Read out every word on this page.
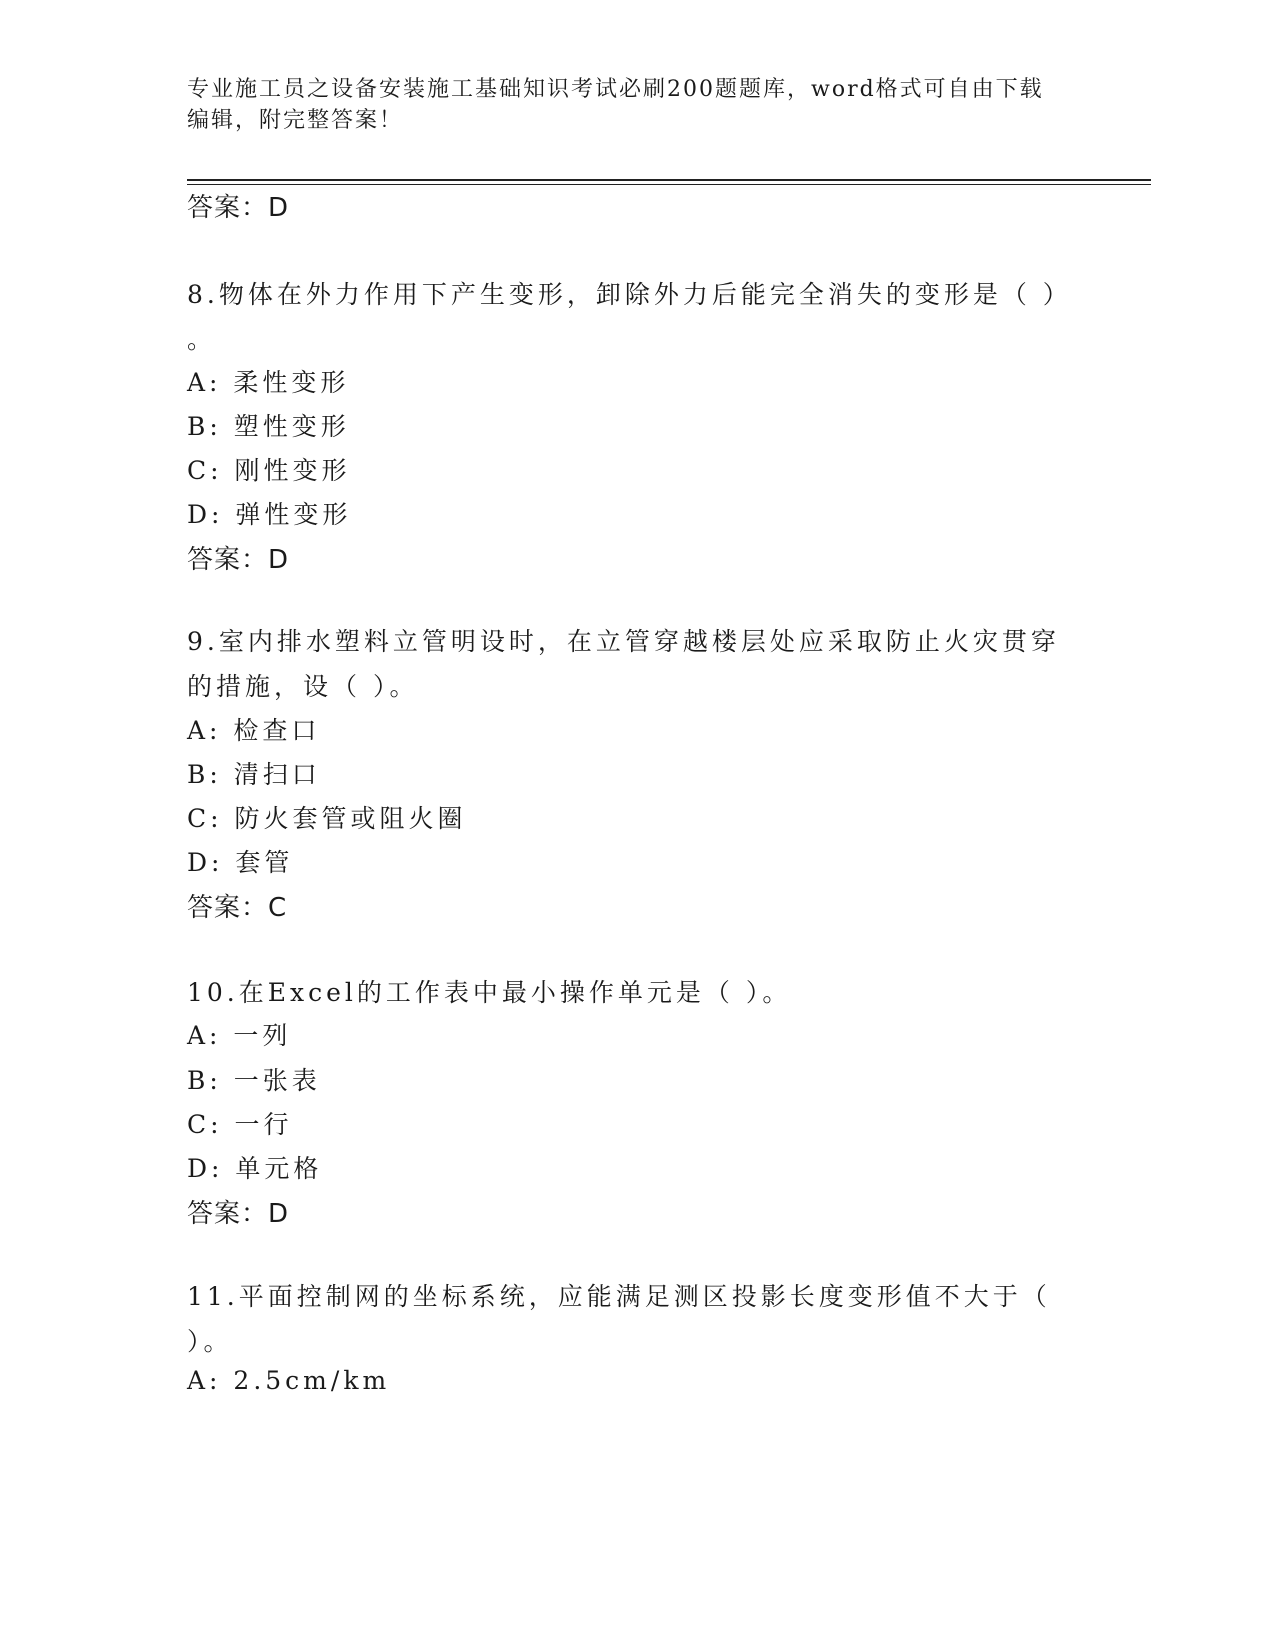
专业施工员之设备安装施工基础知识考试必刷200题题库，word格式可自由下载
编辑，附完整答案！
答案：D
8.物体在外力作用下产生变形，卸除外力后能完全消失的变形是（ ）
。
A: 柔性变形
B: 塑性变形
C: 刚性变形
D: 弹性变形
答案：D
9.室内排水塑料立管明设时，在立管穿越楼层处应采取防止火灾贯穿
的措施，设（ ）。
A: 检查口
B: 清扫口
C: 防火套管或阻火圈
D: 套管
答案：C
10.在Excel的工作表中最小操作单元是（ ）。
A: 一列
B: 一张表
C: 一行
D: 单元格
答案：D
11.平面控制网的坐标系统，应能满足测区投影长度变形值不大于（
）。
A: 2.5cm/km
